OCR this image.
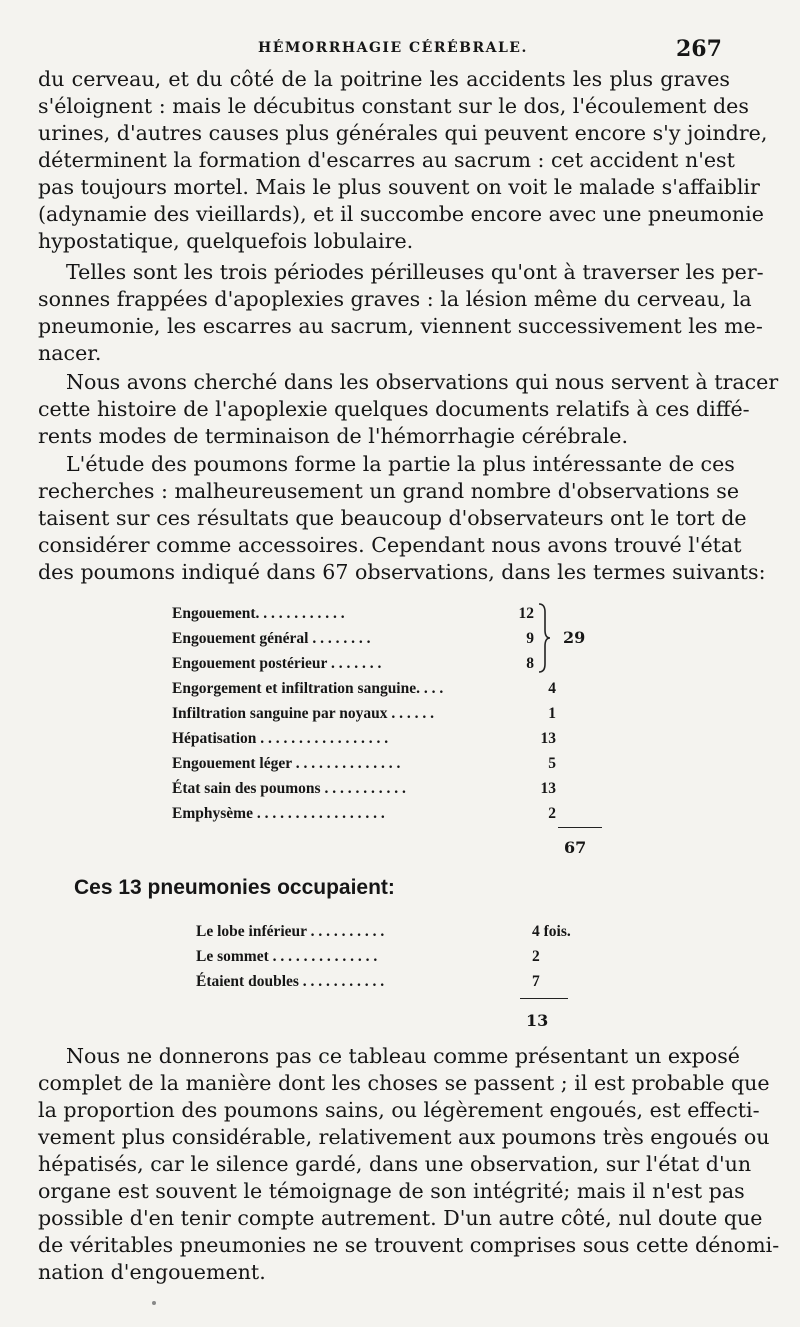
HÉMORRHAGIE CÉRÉBRALE.	267

du cerveau, et du côté de la poitrine les accidents les plus graves
s'éloignent : mais le décubitus constant sur le dos, l'écoulement des
urines, d'autres causes plus générales qui peuvent encore s'y joindre,
déterminent la formation d'escarres au sacrum : cet accident n'est
pas toujours mortel. Mais le plus souvent on voit le malade s'affaiblir
(adynamie des vieillards), et il succombe encore avec une pneumonie
hypostatique, quelquefois lobulaire.

Telles sont les trois périodes périlleuses qu'ont à traverser les per-
sonnes frappées d'apoplexies graves : la lésion même du cerveau, la
pneumonie, les escarres au sacrum, viennent successivement les me-
nacer.

Nous avons cherché dans les observations qui nous servent à tracer
cette histoire de l'apoplexie quelques documents relatifs à ces diffé-
rents modes de terminaison de l'hémorrhagie cérébrale.

L'étude des poumons forme la partie la plus intéressante de ces
recherches : malheureusement un grand nombre d'observations se
taisent sur ces résultats que beaucoup d'observateurs ont le tort de
considérer comme accessoires. Cependant nous avons trouvé l'état
des poumons indiqué dans 67 observations, dans les termes suivants:

Engouement. . . . . . . . . . . .	12
Engouement général . . . . . . . .	9
Engouement postérieur . . . . . . .	8
29
Engorgement et infiltration sanguine. . . .	4
Infiltration sanguine par noyaux . . . . . .	1
Hépatisation . . . . . . . . . . . . . . . . .	13
Engouement léger . . . . . . . . . . . . . .	5
État sain des poumons . . . . . . . . . . .	13
Emphysème . . . . . . . . . . . . . . . . .	2
67
Ces 13 pneumonies occupaient:
Le lobe inférieur . . . . . . . . . .	4 fois.
Le sommet . . . . . . . . . . . . . .	2
Étaient doubles . . . . . . . . . . .	7
13

Nous ne donnerons pas ce tableau comme présentant un exposé
complet de la manière dont les choses se passent ; il est probable que
la proportion des poumons sains, ou légèrement engoués, est effecti-
vement plus considérable, relativement aux poumons très engoués ou
hépatisés, car le silence gardé, dans une observation, sur l'état d'un
organe est souvent le témoignage de son intégrité; mais il n'est pas
possible d'en tenir compte autrement. D'un autre côté, nul doute que
de véritables pneumonies ne se trouvent comprises sous cette dénomi-
nation d'engouement.
